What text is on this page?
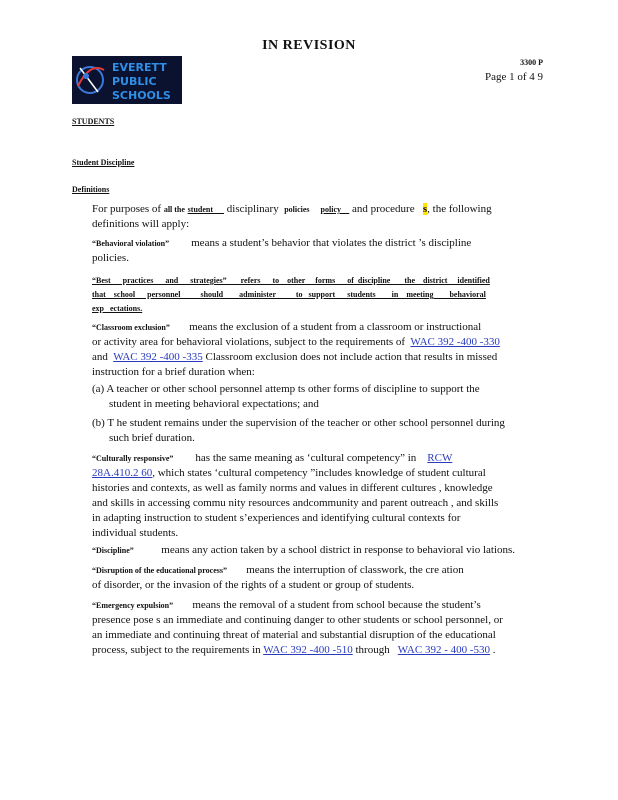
IN REVISION
EVERETT
PUBLIC
SCHOOLS
3300 P
Page 1 of 4 9
STUDENTS
Student Discipline
Definitions

For purposes of all the student disciplinary policies policy and procedure s, the following
definitions will apply:

“Behavioral violation” means a student’s behavior that violates the district ’s discipline
policies.

“Best      practices      and      strategies”       refers      to    other     forms      of  discipline       the    district     identified
that    school      personnel          should        administer          to   support      students        in    meeting        behavioral
exp   ectations.

“Classroom exclusion” means the exclusion of a student from a classroom or instructional
or activity area for behavioral violations, subject to the requirements of WAC 392 -400 -330
and WAC 392 -400 -335 Classroom exclusion does not include action that results in missed
instruction for a brief duration when:

(a) A teacher or other school personnel attemp ts other forms of discipline to support the
student in meeting behavioral expectations; and

(b) T he student remains under the supervision of the teacher or other school personnel during
such brief duration.

“Culturally responsive” has the same meaning as ‘cultural competency” in RCW
28A.410.2 60, which states ‘cultural competency ”includes knowledge of student cultural
histories and contexts, as well as family norms and values in different cultures , knowledge
and skills in accessing commu nity resources andcommunity and parent outreach , and skills
in adapting instruction to student s’experiences and identifying cultural contexts for
individual students.

“Discipline”	means any action taken by a school district in response to behavioral vio lations.

“Disruption of the educational process” means the interruption of classwork, the cre ation
of disorder, or the invasion of the rights of a student or group of students.

“Emergency expulsion” means the removal of a student from school because the student’s
presence pose s an immediate and continuing danger to other students or school personnel, or
an immediate and continuing threat of material and substantial disruption of the educational
process, subject to the requirements in WAC 392 -400 -510 through WAC 392 - 400 -530 .
